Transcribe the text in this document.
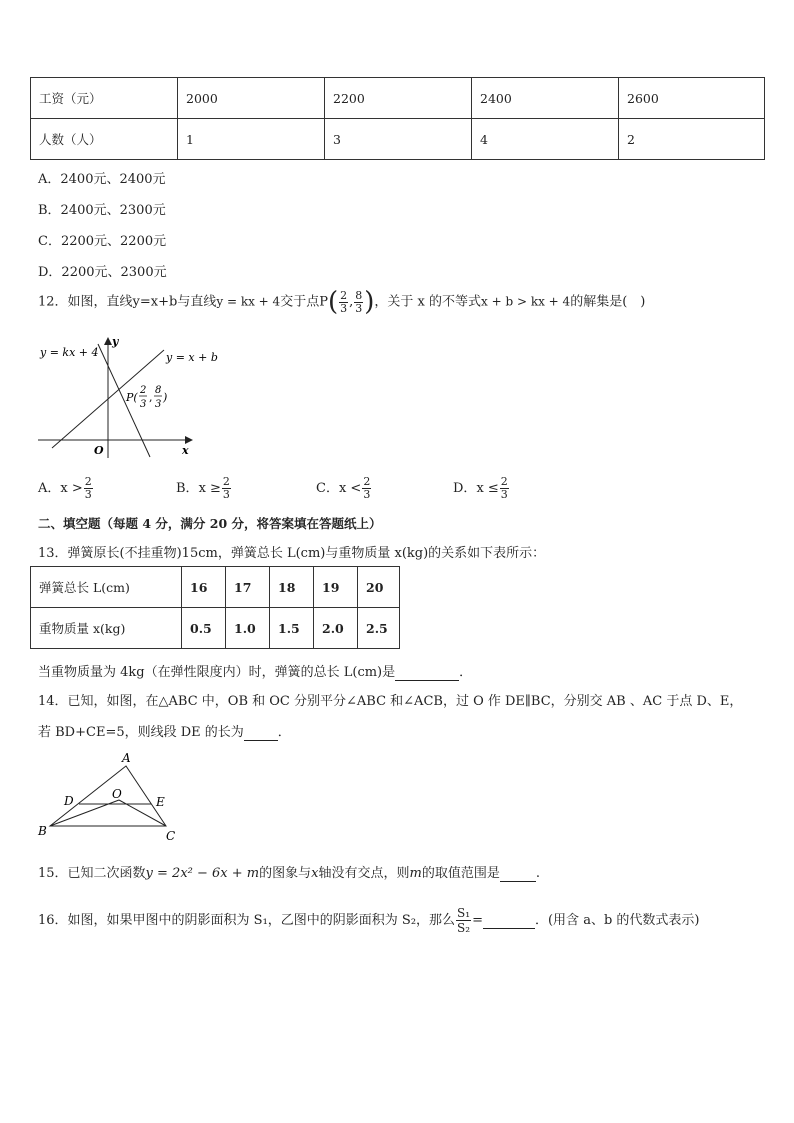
工资（元）	2000	2200	2400	2600
人数（人）	1	3	4	2
A．2400元、2400元
B．2400元、2300元
C．2200元、2200元
D．2200元、2300元
12．如图，直线y=x+b与直线y = kx + 4交于点$P( \frac{2}{3}$ , $\frac{8}{3}$ )，关于 x 的不等式x + b > kx + 4的解集是(　)
y = kx + 4	y = x + b
y
x
O
P(
2
3
,
8
3
)
A．$x > \frac{2}{3}$	B．$x \ge \frac{2}{3}$	C．$x < \frac{2}{3}$	D．$x \le \frac{2}{3}$
二、填空题（每题 4 分，满分 20 分，将答案填在答题纸上）
13．弹簧原长(不挂重物)15cm，弹簧总长 L(cm)与重物质量 x(kg)的关系如下表所示：
弹簧总长 L(cm)	16	17	18	19	20
重物质量 x(kg)	0.5	1.0	1.5	2.0	2.5
当重物质量为 4kg（在弹性限度内）时，弹簧的总长 L(cm)是	．
14．已知，如图，在△ABC 中，OB 和 OC 分别平分∠ABC 和∠ACB，过 O 作 DE∥BC，分别交 AB 、AC 于点 D、E，
若 BD+CE=5，则线段 DE 的长为	．
A
B	C
D	E
O
15．已知二次函数y = 2x² − 6x + m的图象与x轴没有交点，则m的取值范围是	.
16．如图，如果甲图中的阴影面积为 S₁，乙图中的阴影面积为 S₂，那么 $\frac{\text{S₁}}{\text{S₂}}$ =	．(用含 a、b 的代数式表示)
